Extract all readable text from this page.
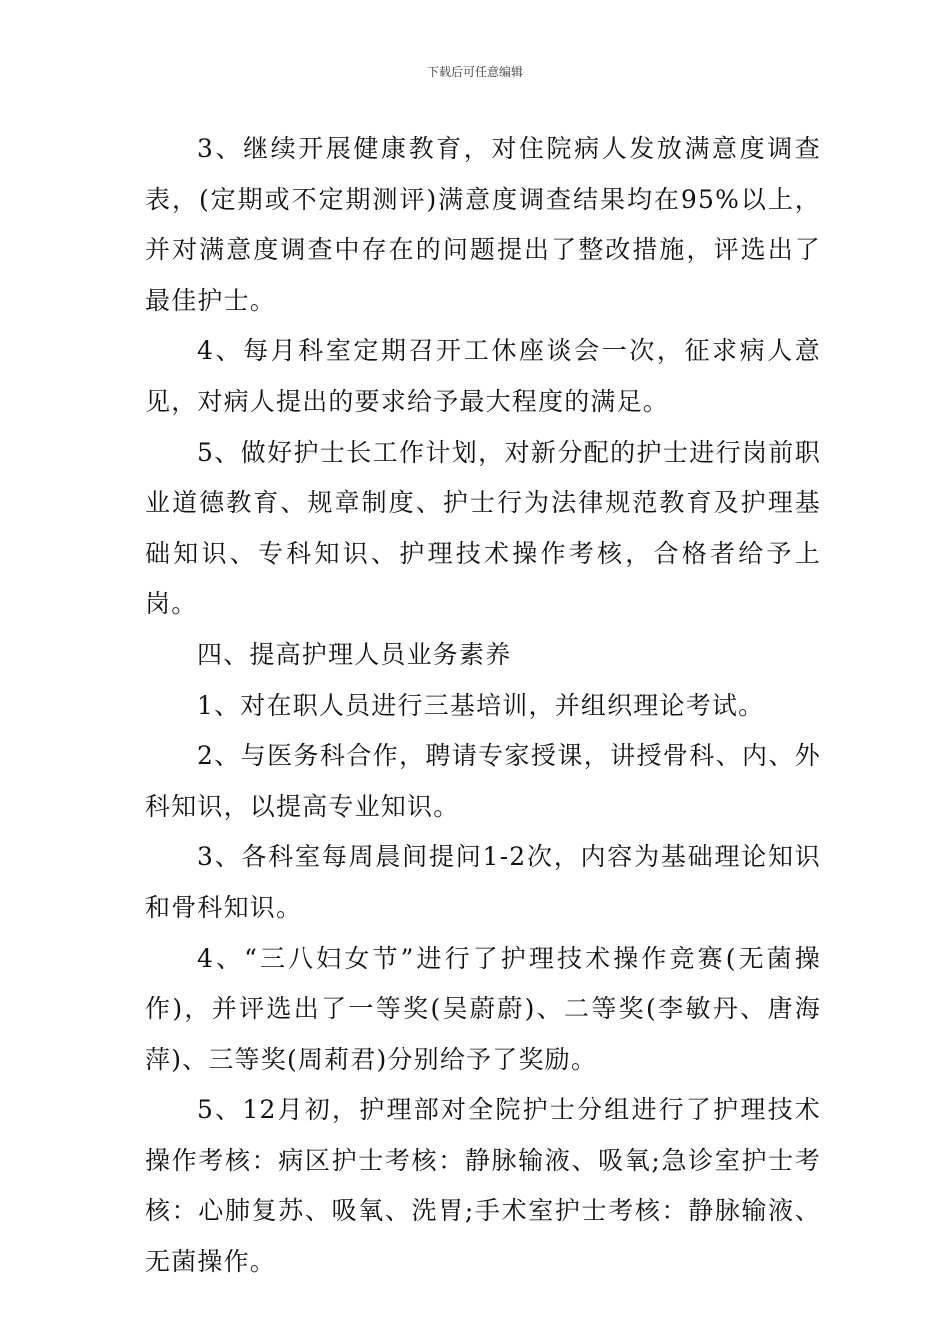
下载后可任意编辑

3、继续开展健康教育，对住院病人发放满意度调查表，(定期或不定期测评)满意度调查结果均在95%以上，并对满意度调查中存在的问题提出了整改措施，评选出了最佳护士。

4、每月科室定期召开工休座谈会一次，征求病人意见，对病人提出的要求给予最大程度的满足。

5、做好护士长工作计划，对新分配的护士进行岗前职业道德教育、规章制度、护士行为法律规范教育及护理基础知识、专科知识、护理技术操作考核，合格者给予上岗。

四、提高护理人员业务素养

1、对在职人员进行三基培训，并组织理论考试。

2、与医务科合作，聘请专家授课，讲授骨科、内、外科知识，以提高专业知识。

3、各科室每周晨间提问1-2次，内容为基础理论知识和骨科知识。

4、“三八妇女节”进行了护理技术操作竞赛(无菌操作)，并评选出了一等奖(吴蔚蔚)、二等奖(李敏丹、唐海萍)、三等奖(周莉君)分别给予了奖励。

5、12月初，护理部对全院护士分组进行了护理技术操作考核：病区护士考核：静脉输液、吸氧;急诊室护士考核：心肺复苏、吸氧、洗胃;手术室护士考核：静脉输液、无菌操作。
